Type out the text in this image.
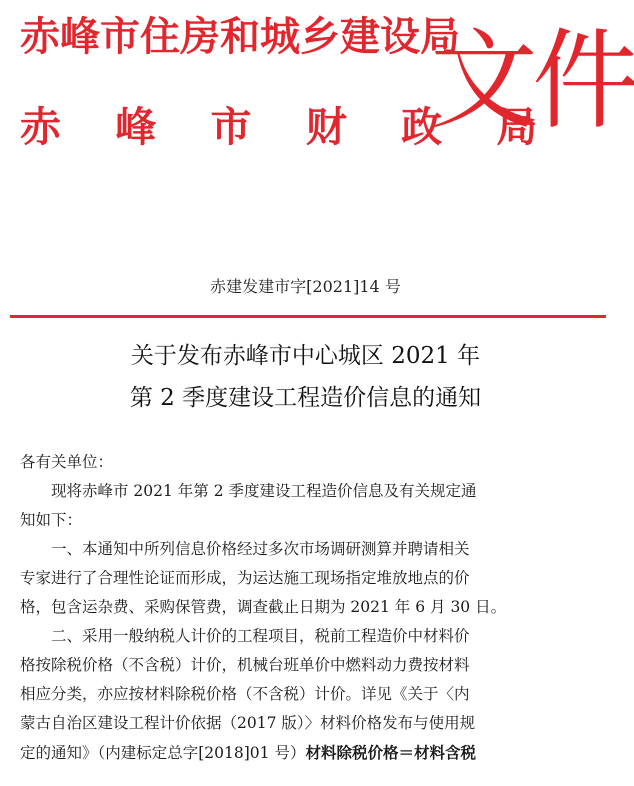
赤峰市住房和城乡建设局
赤 峰 市 财 政 局
文件
赤建发建市字[2021]14 号
关于发布赤峰市中心城区 2021 年
第 2 季度建设工程造价信息的通知
各有关单位：
现将赤峰市 2021 年第 2 季度建设工程造价信息及有关规定通
知如下：
一、本通知中所列信息价格经过多次市场调研测算并聘请相关
专家进行了合理性论证而形成，为运达施工现场指定堆放地点的价
格，包含运杂费、采购保管费，调查截止日期为 2021 年 6 月 30 日。
二、采用一般纳税人计价的工程项目，税前工程造价中材料价
格按除税价格（不含税）计价，机械台班单价中燃料动力费按材料
相应分类，亦应按材料除税价格（不含税）计价。详见《关于〈内
蒙古自治区建设工程计价依据（2017 版）〉材料价格发布与使用规
定的通知》（内建标定总字[2018]01 号）材料除税价格＝材料含税
